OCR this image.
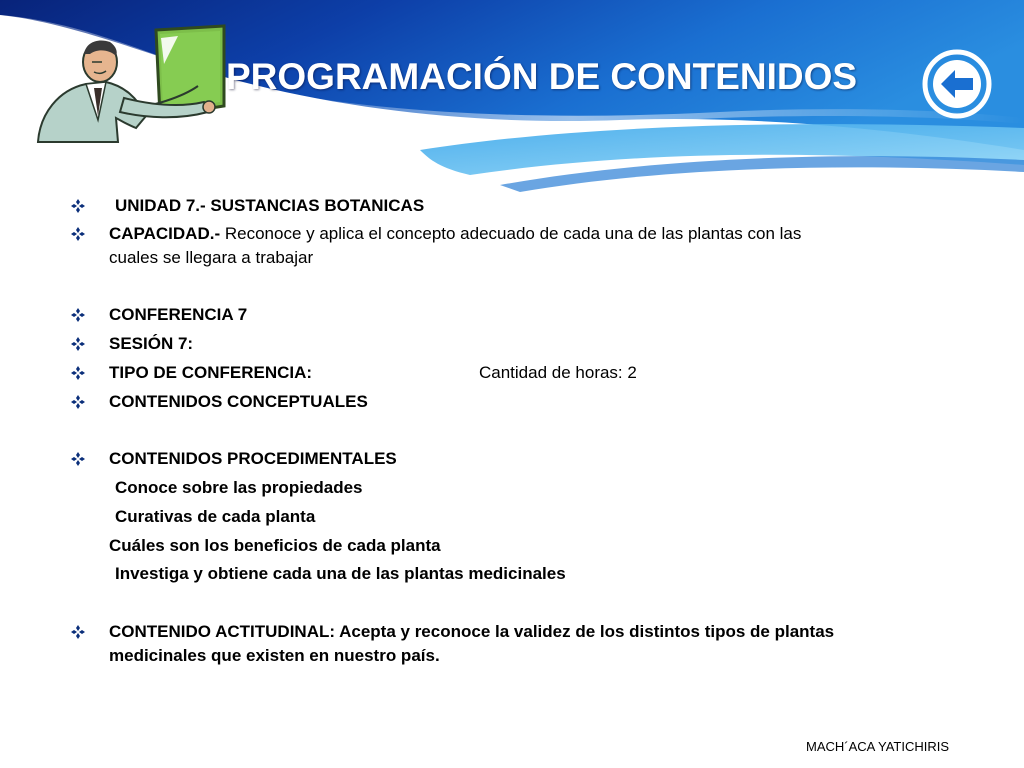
PROGRAMACIÓN DE CONTENIDOS
UNIDAD 7.- SUSTANCIAS BOTANICAS
CAPACIDAD.- Reconoce y aplica el concepto adecuado de cada una de las plantas con las
cuales se llegara a trabajar
CONFERENCIA 7
SESIÓN 7:
TIPO DE CONFERENCIA:	Cantidad de horas: 2
CONTENIDOS CONCEPTUALES
CONTENIDOS PROCEDIMENTALES
Conoce sobre las propiedades
Curativas de cada planta
Cuáles son los beneficios de cada planta
Investiga y obtiene cada una de las plantas medicinales
CONTENIDO ACTITUDINAL: Acepta y reconoce la validez de los distintos tipos de plantas
medicinales que existen en nuestro país.
MACH´ACA YATICHIRIS
